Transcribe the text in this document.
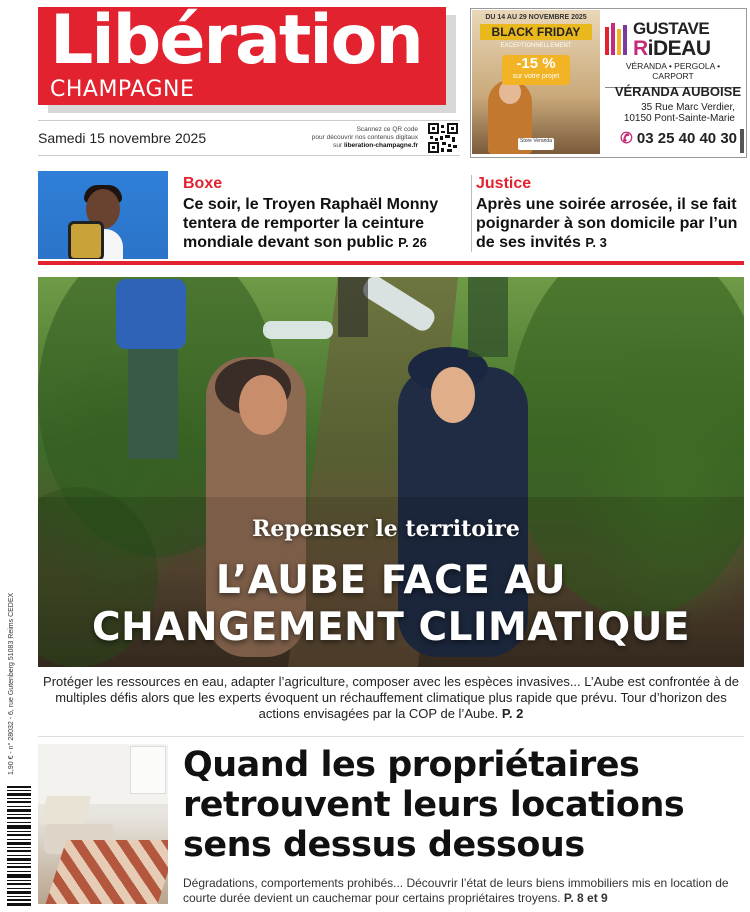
Libération
CHAMPAGNE
Samedi 15 novembre 2025
Scannez ce QR code
pour découvrir nos contenus digitaux
sur liberation-champagne.fr
DU 14 AU 29 NOVEMBRE 2025
BLACK FRIDAY
EXCEPTIONNELLEMENT
-15 %
sur votre projet
Store Veranda
GUSTAVE
RiDEAU
VÉRANDA • PERGOLA • CARPORT
VÉRANDA AUBOISE
35 Rue Marc Verdier,
10150 Pont-Sainte-Marie
✆ 03 25 40 40 30
Boxe
Ce soir, le Troyen Raphaël Monny tentera de remporter la ceinture mondiale devant son public P. 26
Justice
Après une soirée arrosée, il se fait poignarder à son domicile par l’un de ses invités P. 3
Repenser le territoire
L’AUBE FACE AU
CHANGEMENT CLIMATIQUE
Protéger les ressources en eau, adapter l’agriculture, composer avec les espèces invasives... L’Aube est confrontée à de multiples défis alors que les experts évoquent un réchauffement climatique plus rapide que prévu. Tour d’horizon des actions envisagées par la COP de l’Aube. P. 2
1,90 € - n° 28032 - 6, rue Gutenberg 51083 Reims CEDEX	Quand les propriétaires retrouvent leurs locations sens dessus dessous
Dégradations, comportements prohibés... Découvrir l’état de leurs biens immobiliers mis en location de courte durée devient un cauchemar pour certains propriétaires troyens. P. 8 et 9
